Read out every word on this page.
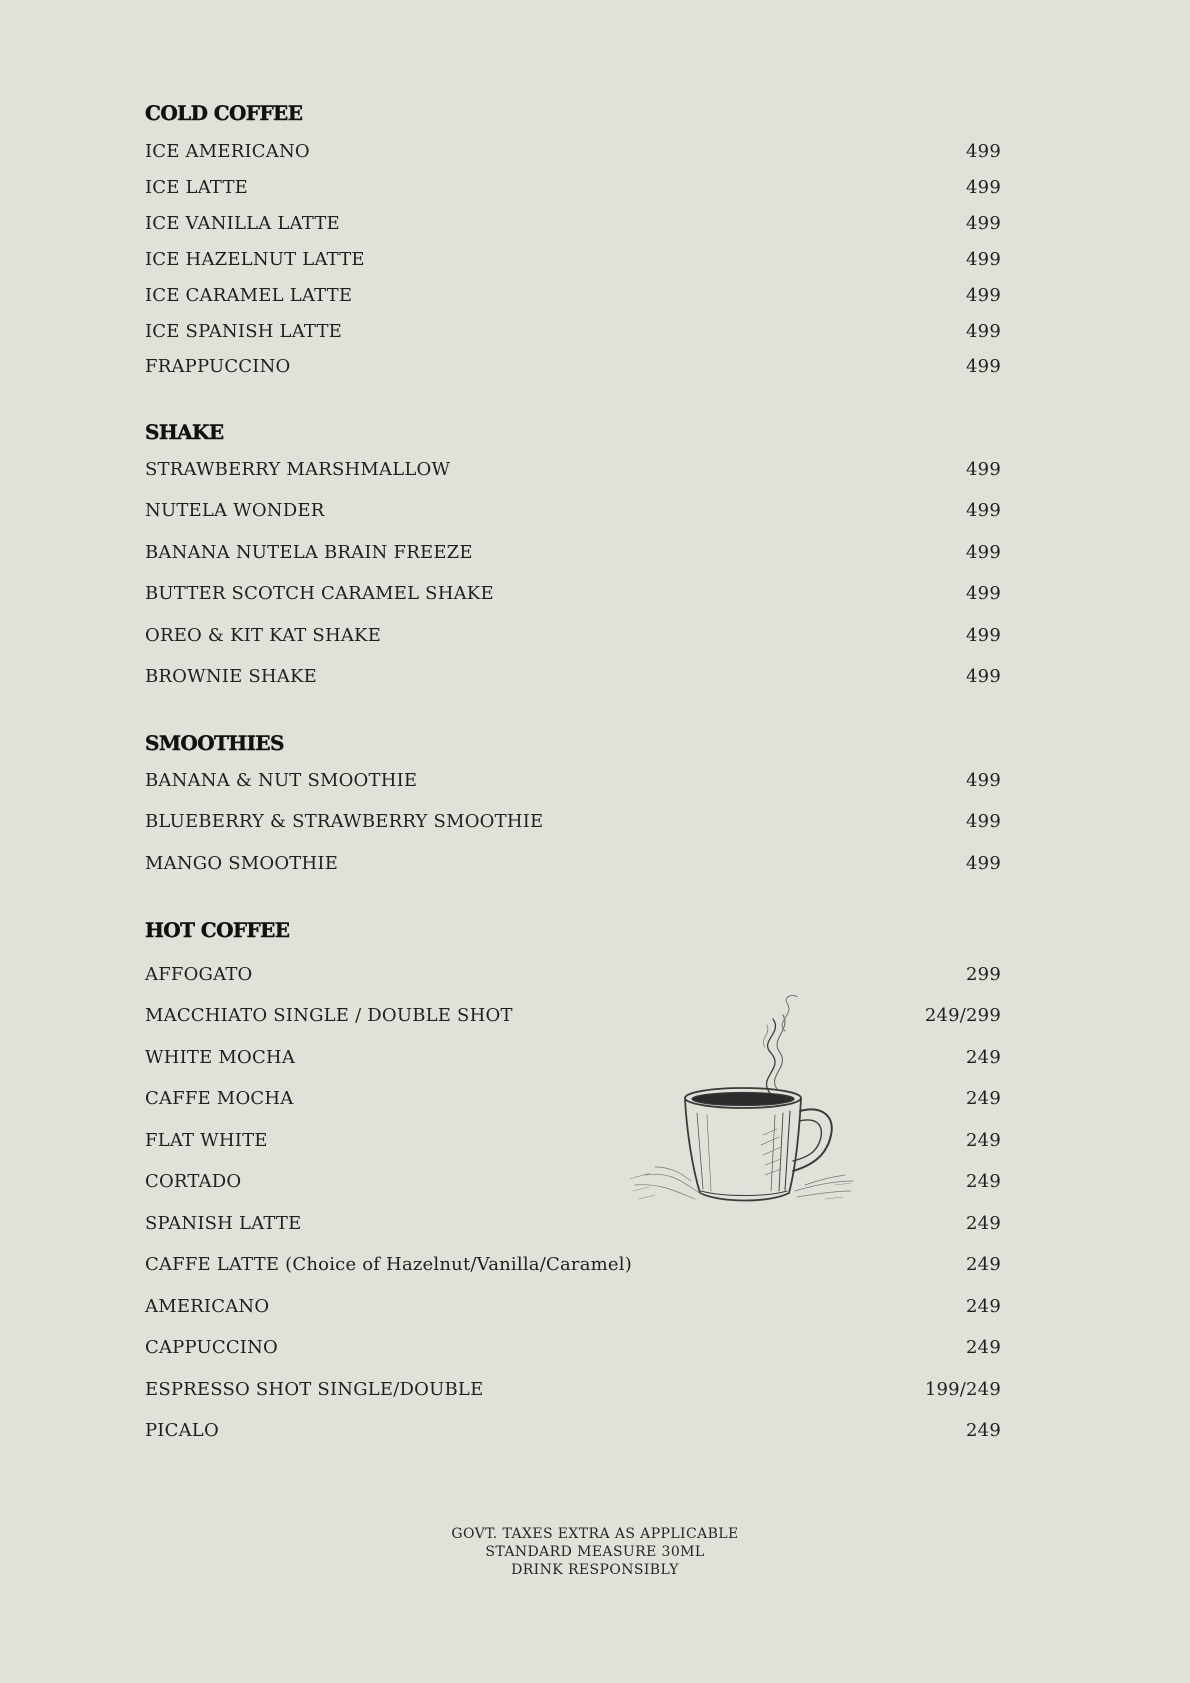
COLD COFFEE
ICE AMERICANO	499
ICE LATTE	499
ICE VANILLA LATTE	499
ICE HAZELNUT LATTE	499
ICE CARAMEL LATTE	499
ICE SPANISH LATTE	499
FRAPPUCCINO	499
SHAKE
STRAWBERRY MARSHMALLOW	499
NUTELA WONDER	499
BANANA NUTELA BRAIN FREEZE	499
BUTTER SCOTCH CARAMEL SHAKE	499
OREO & KIT KAT SHAKE	499
BROWNIE SHAKE	499
SMOOTHIES
BANANA & NUT SMOOTHIE	499
BLUEBERRY & STRAWBERRY SMOOTHIE	499
MANGO SMOOTHIE	499
HOT COFFEE
AFFOGATO	299
MACCHIATO SINGLE / DOUBLE SHOT	249/299
WHITE MOCHA	249
CAFFE MOCHA	249
FLAT WHITE	249
CORTADO	249
SPANISH LATTE	249
CAFFE LATTE (Choice of Hazelnut/Vanilla/Caramel)	249
AMERICANO	249
CAPPUCCINO	249
ESPRESSO SHOT SINGLE/DOUBLE	199/249
PICALO	249
GOVT. TAXES EXTRA AS APPLICABLE
STANDARD MEASURE 30ML
DRINK RESPONSIBLY
